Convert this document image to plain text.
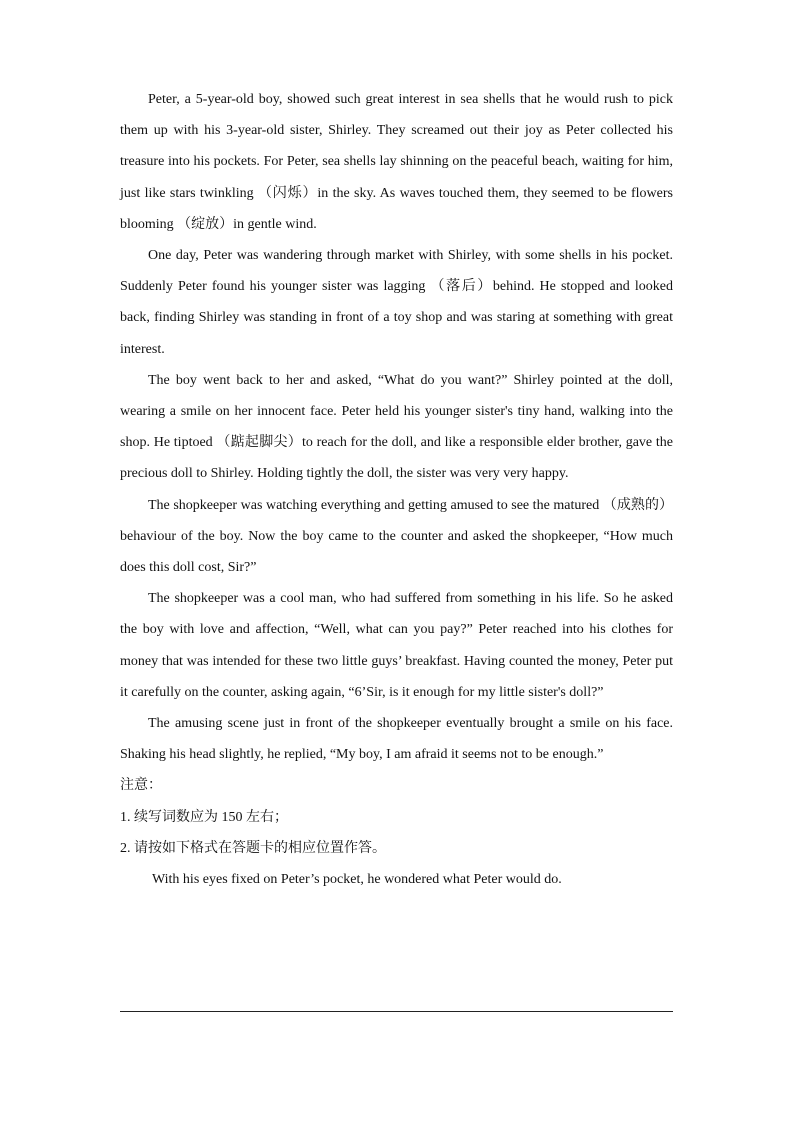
Peter, a 5-year-old boy, showed such great interest in sea shells that he would rush to pick them up with his 3-year-old sister, Shirley. They screamed out their joy as Peter collected his treasure into his pockets. For Peter, sea shells lay shinning on the peaceful beach, waiting for him, just like stars twinkling （闪烁）in the sky. As waves touched them, they seemed to be flowers blooming （绽放）in gentle wind.

One day, Peter was wandering through market with Shirley, with some shells in his pocket. Suddenly Peter found his younger sister was lagging （落后）behind. He stopped and looked back, finding Shirley was standing in front of a toy shop and was staring at something with great interest.

The boy went back to her and asked, “What do you want?” Shirley pointed at the doll, wearing a smile on her innocent face. Peter held his younger sister's tiny hand, walking into the shop. He tiptoed （踮起脚尖）to reach for the doll, and like a responsible elder brother, gave the precious doll to Shirley. Holding tightly the doll, the sister was very very happy.

The shopkeeper was watching everything and getting amused to see the matured （成熟的）behaviour of the boy. Now the boy came to the counter and asked the shopkeeper, “How much does this doll cost, Sir?”

The shopkeeper was a cool man, who had suffered from something in his life. So he asked the boy with love and affection, “Well, what can you pay?” Peter reached into his clothes for money that was intended for these two little guys’ breakfast. Having counted the money, Peter put it carefully on the counter, asking again, “6’Sir, is it enough for my little sister's doll?”

The amusing scene just in front of the shopkeeper eventually brought a smile on his face. Shaking his head slightly, he replied, “My boy, I am afraid it seems not to be enough.”

注意：

1. 续写词数应为 150 左右；

2. 请按如下格式在答题卡的相应位置作答。

With his eyes fixed on Peter’s pocket, he wondered what Peter would do.
